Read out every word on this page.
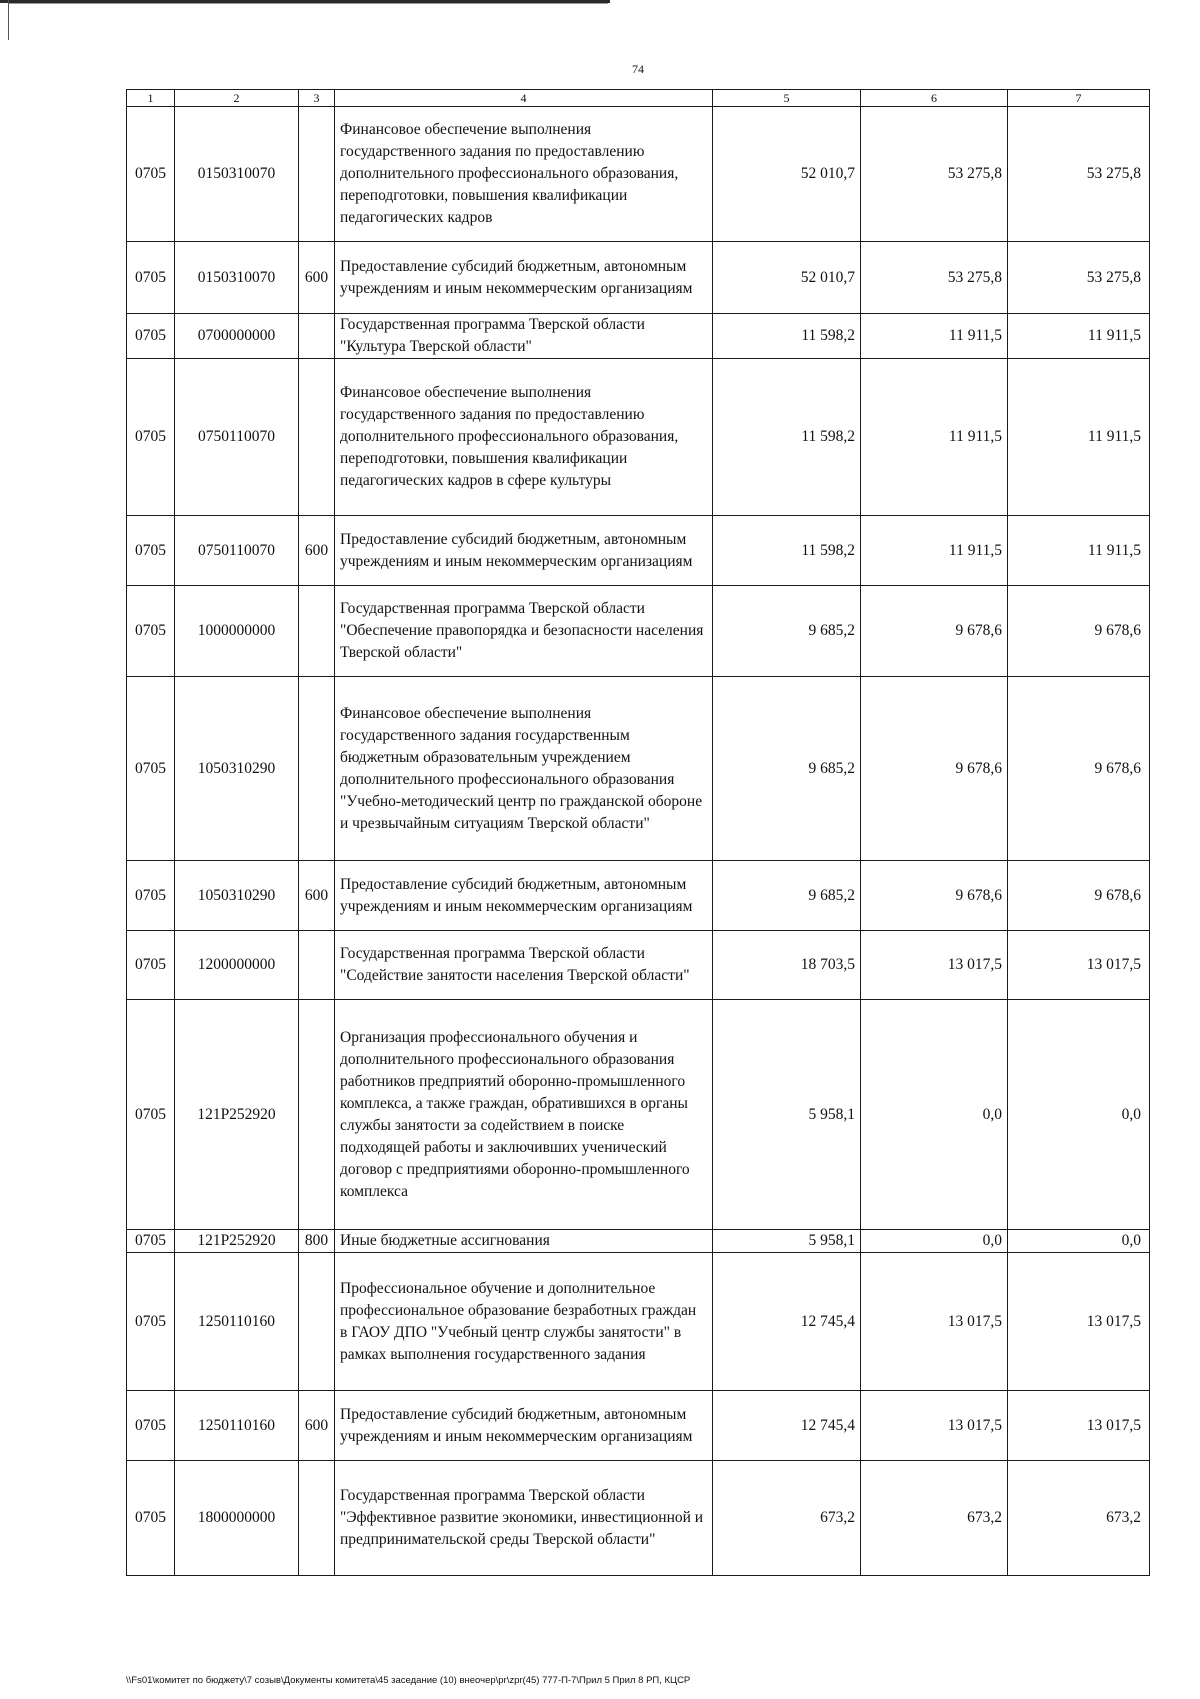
74
1	2	3	4	5	6	7
0705	0150310070		Финансовое обеспечение выполнения государственного задания по предоставлению дополнительного профессионального образования, переподготовки, повышения квалификации педагогических кадров	52 010,7	53 275,8	53 275,8
0705	0150310070	600	Предоставление субсидий бюджетным, автономным учреждениям и иным некоммерческим организациям	52 010,7	53 275,8	53 275,8
0705	0700000000		Государственная программа Тверской области "Культура Тверской области"	11 598,2	11 911,5	11 911,5
0705	0750110070		Финансовое обеспечение выполнения государственного задания по предоставлению дополнительного профессионального образования, переподготовки, повышения квалификации педагогических кадров в сфере культуры	11 598,2	11 911,5	11 911,5
0705	0750110070	600	Предоставление субсидий бюджетным, автономным учреждениям и иным некоммерческим организациям	11 598,2	11 911,5	11 911,5
0705	1000000000		Государственная программа Тверской области "Обеспечение правопорядка и безопасности населения Тверской области"	9 685,2	9 678,6	9 678,6
0705	1050310290		Финансовое обеспечение выполнения государственного задания государственным бюджетным образовательным учреждением дополнительного профессионального образования "Учебно-методический центр по гражданской обороне и чрезвычайным ситуациям Тверской области"	9 685,2	9 678,6	9 678,6
0705	1050310290	600	Предоставление субсидий бюджетным, автономным учреждениям и иным некоммерческим организациям	9 685,2	9 678,6	9 678,6
0705	1200000000		Государственная программа Тверской области "Содействие занятости населения Тверской области"	18 703,5	13 017,5	13 017,5
0705	121P252920		Организация профессионального обучения и дополнительного профессионального образования работников предприятий оборонно-промышленного комплекса, а также граждан, обратившихся в органы службы занятости за содействием в поиске подходящей работы и заключивших ученический договор с предприятиями оборонно-промышленного комплекса	5 958,1	0,0	0,0
0705	121P252920	800	Иные бюджетные ассигнования	5 958,1	0,0	0,0
0705	1250110160		Профессиональное обучение и дополнительное профессиональное образование безработных граждан в ГАОУ ДПО "Учебный центр службы занятости" в рамках выполнения государственного задания	12 745,4	13 017,5	13 017,5
0705	1250110160	600	Предоставление субсидий бюджетным, автономным учреждениям и иным некоммерческим организациям	12 745,4	13 017,5	13 017,5
0705	1800000000		Государственная программа Тверской области "Эффективное развитие экономики, инвестиционной и предпринимательской среды Тверской области"	673,2	673,2	673,2
\\Fs01\комитет по бюджету\7 созыв\Документы комитета\45 заседание (10) внеочер\pr\zpr(45) 777-П-7\Прил 5 Прил 8 РП, КЦСР
